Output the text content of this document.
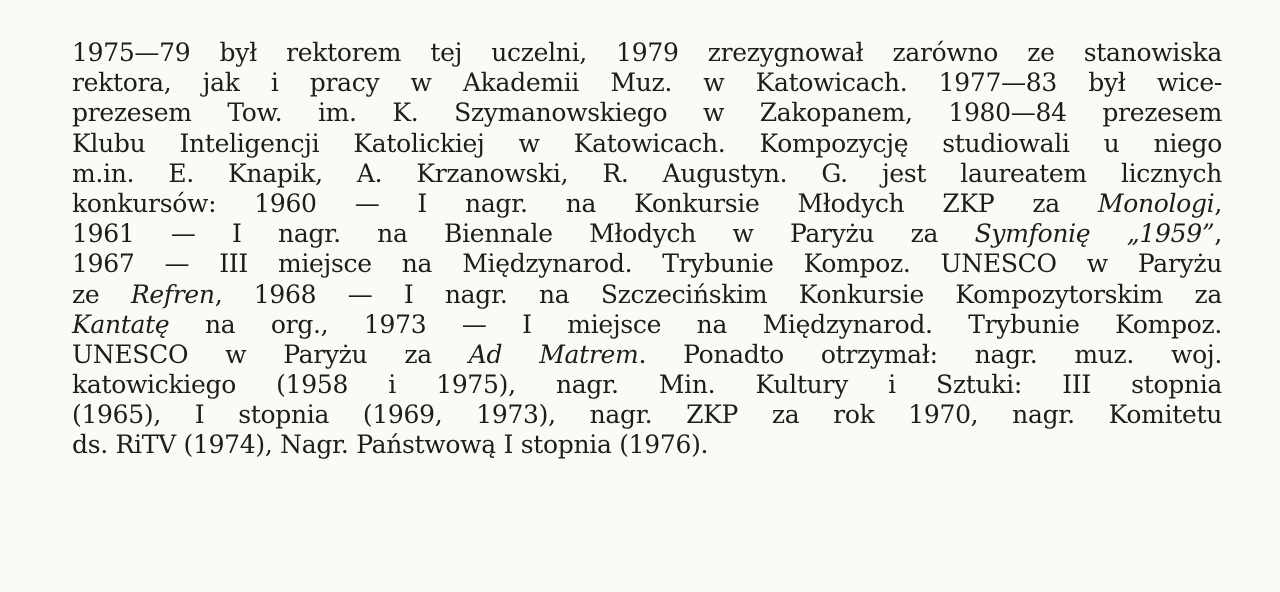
1975—79 był rektorem tej uczelni, 1979 zrezygnował zarówno ze stanowiska
rektora, jak i pracy w Akademii Muz. w Katowicach. 1977—83 był wice-
prezesem Tow. im. K. Szymanowskiego w Zakopanem, 1980—84 prezesem
Klubu Inteligencji Katolickiej w Katowicach. Kompozycję studiowali u niego
m.in. E. Knapik, A. Krzanowski, R. Augustyn. G. jest laureatem licznych
konkursów: 1960 — I nagr. na Konkursie Młodych ZKP za Monologi,
1961 — I nagr. na Biennale Młodych w Paryżu za Symfonię „1959”,
1967 — III miejsce na Międzynarod. Trybunie Kompoz. UNESCO w Paryżu
ze Refren, 1968 — I nagr. na Szczecińskim Konkursie Kompozytorskim za
Kantatę na org., 1973 — I miejsce na Międzynarod. Trybunie Kompoz.
UNESCO w Paryżu za Ad Matrem. Ponadto otrzymał: nagr. muz. woj.
katowickiego (1958 i 1975), nagr. Min. Kultury i Sztuki: III stopnia
(1965), I stopnia (1969, 1973), nagr. ZKP za rok 1970, nagr. Komitetu
ds. RiTV (1974), Nagr. Państwową I stopnia (1976).
